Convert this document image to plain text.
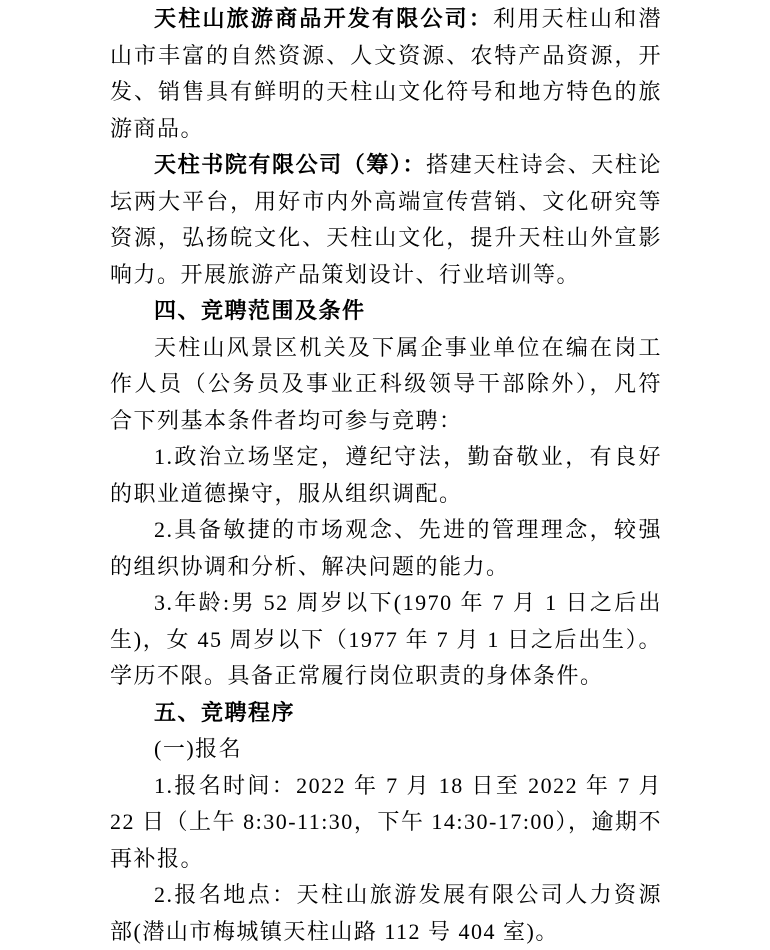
天柱山旅游商品开发有限公司：利用天柱山和潜山市丰富的自然资源、人文资源、农特产品资源，开发、销售具有鲜明的天柱山文化符号和地方特色的旅游商品。

天柱书院有限公司（筹）：搭建天柱诗会、天柱论坛两大平台，用好市内外高端宣传营销、文化研究等资源，弘扬皖文化、天柱山文化，提升天柱山外宣影响力。开展旅游产品策划设计、行业培训等。

四、竞聘范围及条件

天柱山风景区机关及下属企事业单位在编在岗工作人员（公务员及事业正科级领导干部除外），凡符合下列基本条件者均可参与竞聘：

1.政治立场坚定，遵纪守法，勤奋敬业，有良好的职业道德操守，服从组织调配。

2.具备敏捷的市场观念、先进的管理理念，较强的组织协调和分析、解决问题的能力。

3.年龄:男 52 周岁以下(1970 年 7 月 1 日之后出生)，女 45 周岁以下（1977 年 7 月 1 日之后出生）。学历不限。具备正常履行岗位职责的身体条件。

五、竞聘程序

(一)报名

1.报名时间：2022 年 7 月 18 日至 2022 年 7 月 22 日（上午 8:30-11:30，下午 14:30-17:00），逾期不再补报。

2.报名地点：天柱山旅游发展有限公司人力资源部(潜山市梅城镇天柱山路 112 号 404 室)。
